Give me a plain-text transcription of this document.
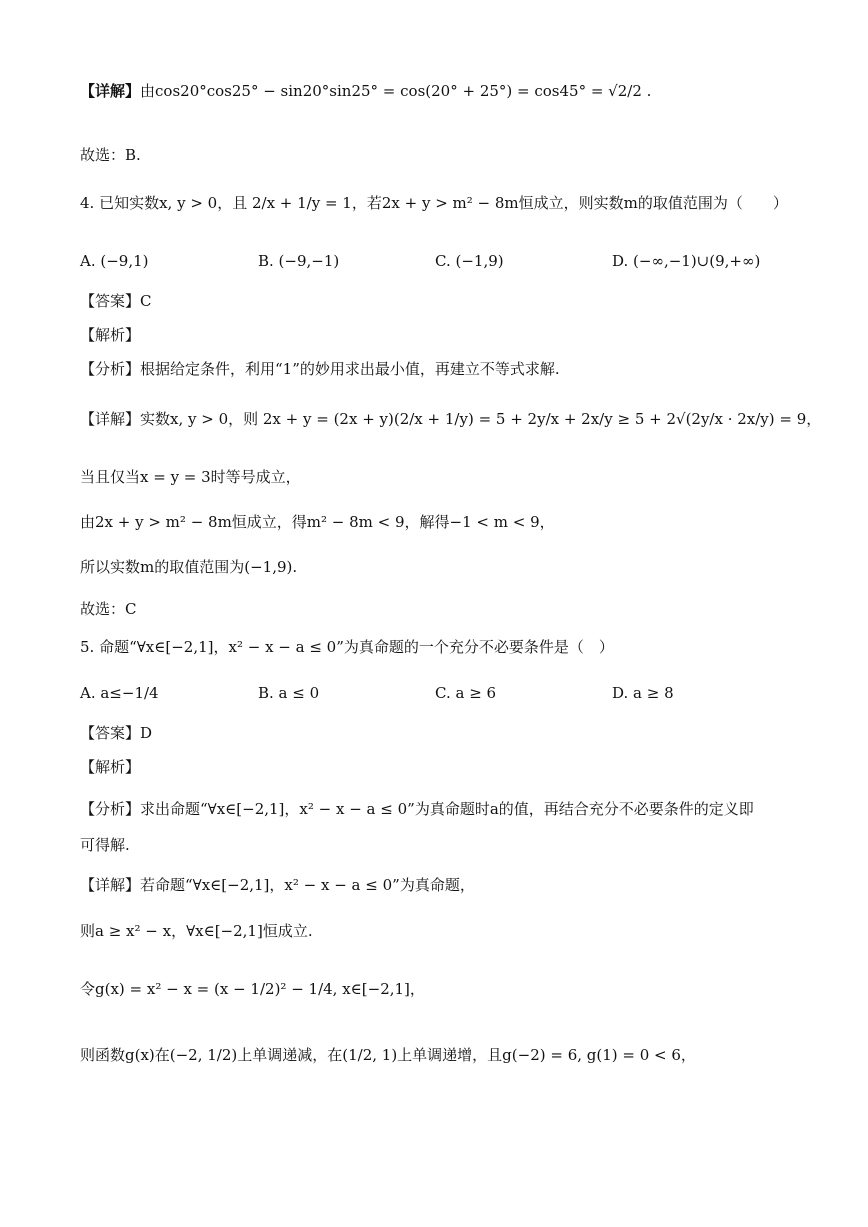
【详解】由cos20°cos25° − sin20°sin25° = cos(20° + 25°) = cos45° = √2/2 .
故选：B.
4. 已知实数x, y > 0，且 2/x + 1/y = 1，若2x + y > m² − 8m恒成立，则实数m的取值范围为（　　）
A. (−9,1)	B. (−9,−1)	C. (−1,9)	D. (−∞,−1)∪(9,+∞)
【答案】C
【解析】
【分析】根据给定条件，利用“1”的妙用求出最小值，再建立不等式求解.
【详解】实数x, y > 0，则 2x + y = (2x + y)(2/x + 1/y) = 5 + 2y/x + 2x/y ≥ 5 + 2√(2y/x · 2x/y) = 9，
当且仅当x = y = 3时等号成立，
由2x + y > m² − 8m恒成立，得m² − 8m < 9，解得−1 < m < 9，
所以实数m的取值范围为(−1,9).
故选：C
5. 命题“∀x∈[−2,1]，x² − x − a ≤ 0”为真命题的一个充分不必要条件是（　）
A. a≤−1/4	B. a ≤ 0	C. a ≥ 6	D. a ≥ 8
【答案】D
【解析】
【分析】求出命题“∀x∈[−2,1]，x² − x − a ≤ 0”为真命题时a的值，再结合充分不必要条件的定义即
可得解.
【详解】若命题“∀x∈[−2,1]，x² − x − a ≤ 0”为真命题，
则a ≥ x² − x，∀x∈[−2,1]恒成立.
令g(x) = x² − x = (x − 1/2)² − 1/4, x∈[−2,1]，
则函数g(x)在(−2, 1/2)上单调递减，在(1/2, 1)上单调递增，且g(−2) = 6, g(1) = 0 < 6，
